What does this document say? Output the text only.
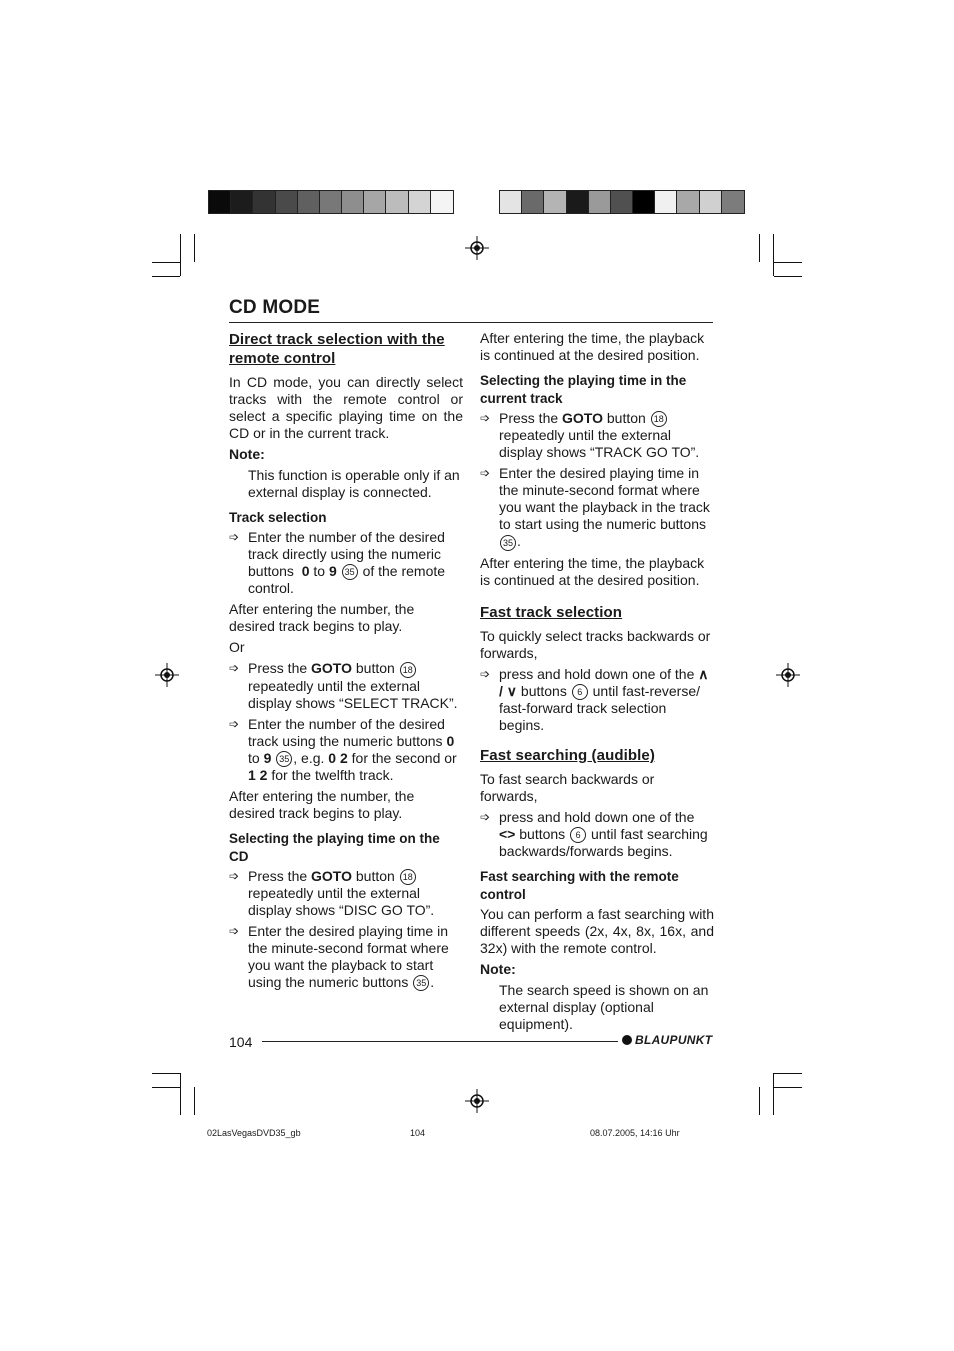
CD MODE
Direct track selection with the remote control

In CD mode, you can directly select tracks with the remote control or select a specific playing time on the CD or in the current track.

Note:

This function is operable only if an external display is connected.

Track selection
➩ Enter the number of the desired track directly using the numeric buttons 0 to 9 35 of the remote control.

After entering the number, the desired track begins to play.

Or

➩ Press the GOTO button 18 repeatedly until the external display shows “SELECT TRACK”.
➩ Enter the number of the desired track using the numeric buttons 0 to 9 35 , e.g. 0 2 for the second or 1 2 for the twelfth track.

After entering the number, the desired track begins to play.

Selecting the playing time on the CD
➩ Press the GOTO button 18 repeatedly until the external display shows “DISC GO TO”.
➩ Enter the desired playing time in the minute-second format where you want the playback to start using the numeric buttons 35 .

After entering the time, the playback is continued at the desired position.

Selecting the playing time in the current track
➩ Press the GOTO button 18 repeatedly until the external display shows “TRACK GO TO”.
➩ Enter the desired playing time in the minute-second format where you want the playback in the track to start using the numeric buttons 35 .

After entering the time, the playback is continued at the desired position.

Fast track selection

To quickly select tracks backwards or forwards,

➩ press and hold down one of the ∧ / ∨ buttons 6 until fast-reverse/ fast-forward track selection begins.
Fast searching (audible)

To fast search backwards or forwards,

➩ press and hold down one of the <> buttons 6 until fast searching backwards/forwards begins.
Fast searching with the remote control

You can perform a fast searching with different speeds (2x, 4x, 8x, 16x, and 32x) with the remote control.

Note:

The search speed is shown on an external display (optional equipment).

104	BLAUPUNKT
02LasVegasDVD35_gb	104	08.07.2005, 14:16 Uhr
